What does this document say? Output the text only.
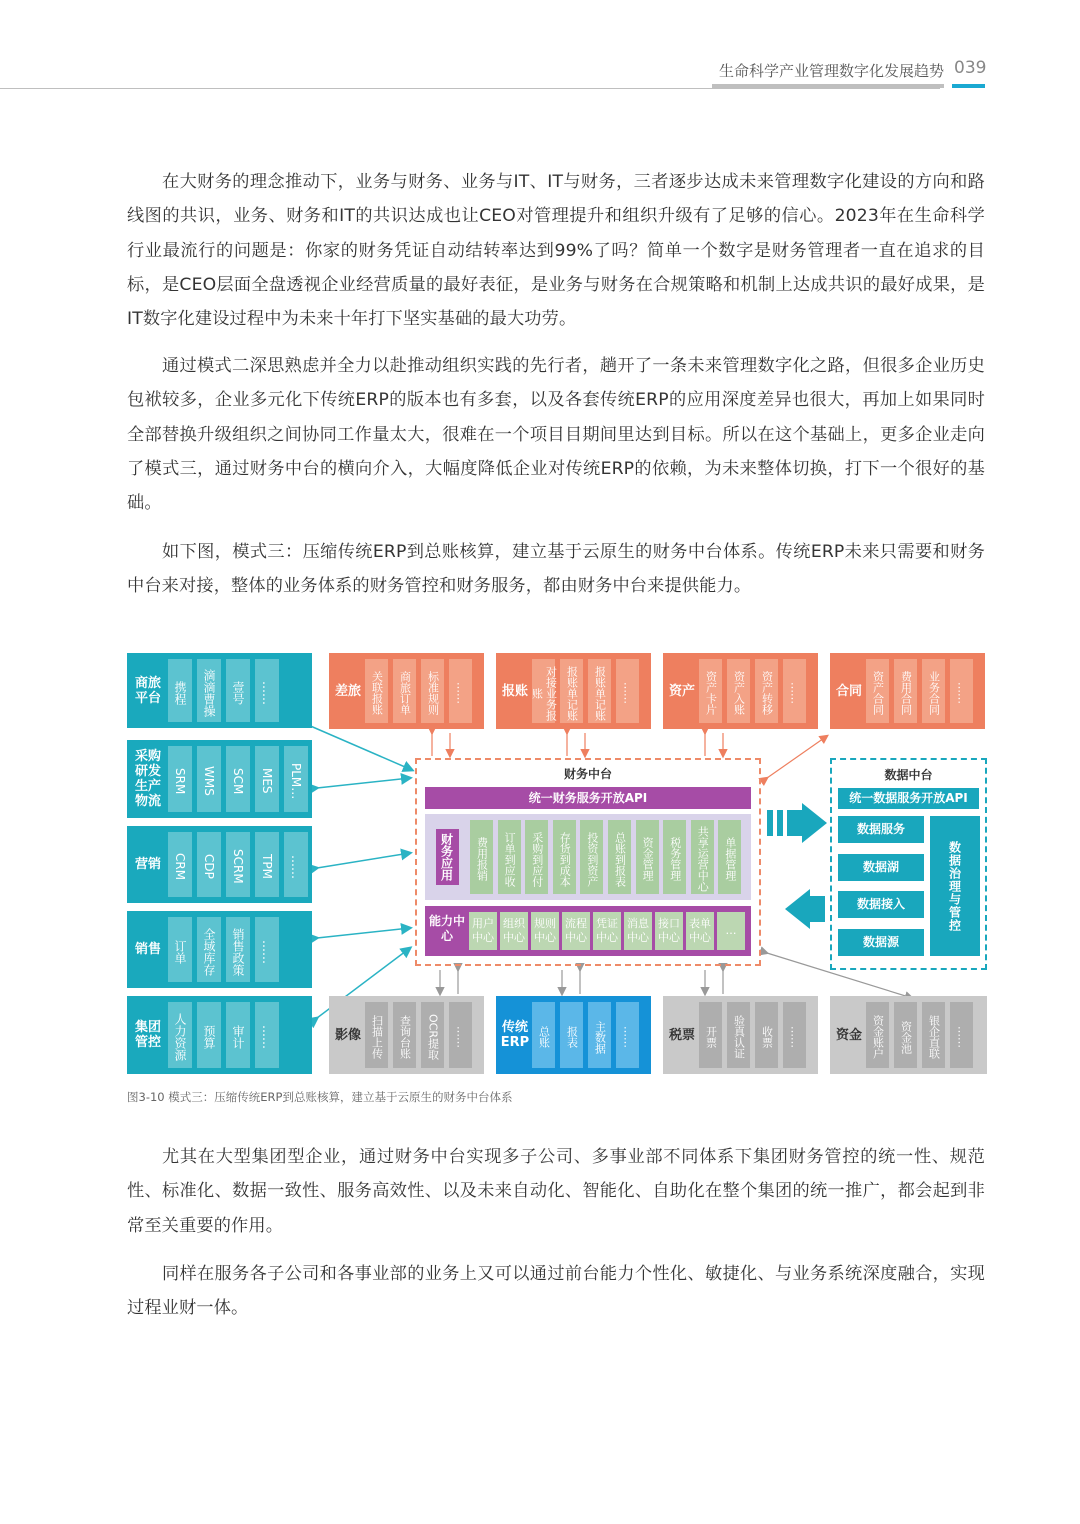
生命科学产业管理数字化发展趋势 039
在大财务的理念推动下，业务与财务、业务与IT、IT与财务，三者逐步达成未来管理数字化建设的方向和路线图的共识，业务、财务和IT的共识达成也让CEO对管理提升和组织升级有了足够的信心。2023年在生命科学行业最流行的问题是：你家的财务凭证自动结转率达到99%了吗？简单一个数字是财务管理者一直在追求的目标，是CEO层面全盘透视企业经营质量的最好表征，是业务与财务在合规策略和机制上达成共识的最好成果，是IT数字化建设过程中为未来十年打下坚实基础的最大功劳。
通过模式二深思熟虑并全力以赴推动组织实践的先行者，趟开了一条未来管理数字化之路，但很多企业历史包袱较多，企业多元化下传统ERP的版本也有多套，以及各套传统ERP的应用深度差异也很大，再加上如果同时全部替换升级组织之间协同工作量太大，很难在一个项目目期间里达到目标。所以在这个基础上，更多企业走向了模式三，通过财务中台的横向介入，大幅度降低企业对传统ERP的依赖，为未来整体切换，打下一个很好的基础。
如下图，模式三：压缩传统ERP到总账核算，建立基于云原生的财务中台体系。传统ERP未来只需要和财务中台来对接，整体的业务体系的财务管控和财务服务，都由财务中台来提供能力。
商旅平台	携程	滴滴曹操	壹号	……
采购研发生产物流
SRM	WMS	SCM	MES	PLM…
营销	CRM	CDP	SCRM	TPM	……
销售	订单	全域库存	销售政策	……
集团管控	人力资源	预算	审计	……
差旅 关联报账	商旅订单	标准规则	……	报账	对接业务报账	报账单记账	报账单记账	……	资产 资产卡片	资产入账	资产转移	……	合同 资产合同	费用合同	业务合同	……
影像 扫描上传	查询台账	OCR提取	……	传统ERP 总账	报表	主数据	……	税票 开票	验真认证	收票	……	资金 资金账户	资金池	银企直联	……
财务中台
统一财务服务开放API
财务应用	费用报销	订单到应收	采购到应付	存货到成本	投资到资产	总账到报表	资金管理	税务管理	共享运营中心	单据管理
能力中心
用户中心
组织中心
规则中心
流程中心
凭证中心
消息中心
接口中心
表单中心
…
数据中台
统一数据服务开放API
数据服务
数据湖
数据接入
数据源
数据治理与管控
图3-10 模式三：压缩传统ERP到总账核算，建立基于云原生的财务中台体系
尤其在大型集团型企业，通过财务中台实现多子公司、多事业部不同体系下集团财务管控的统一性、规范性、标准化、数据一致性、服务高效性、以及未来自动化、智能化、自助化在整个集团的统一推广，都会起到非常至关重要的作用。
同样在服务各子公司和各事业部的业务上又可以通过前台能力个性化、敏捷化、与业务系统深度融合，实现过程业财一体。
